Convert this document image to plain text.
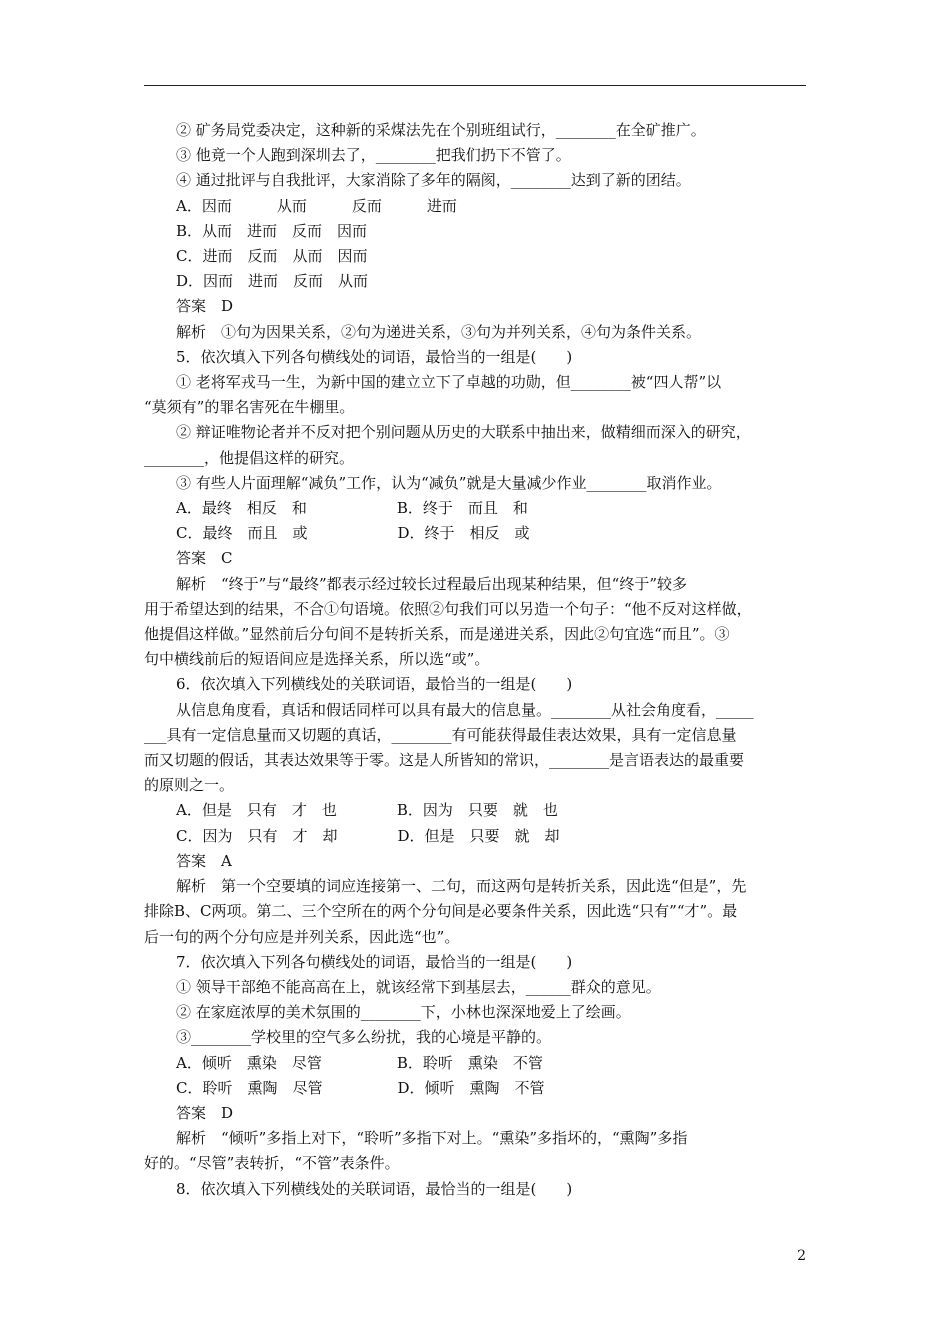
② 矿务局党委决定，这种新的采煤法先在个别班组试行，________在全矿推广。
③ 他竟一个人跑到深圳去了，________把我们扔下不管了。
④ 通过批评与自我批评，大家消除了多年的隔阂，________达到了新的团结。
A．因而　　　从而　　　反而　　　进而
B．从而　进而　反而　因而
C．进而　反而　从而　因而
D．因而　进而　反而　从而
答案　D
解析　①句为因果关系，②句为递进关系，③句为并列关系，④句为条件关系。
5．依次填入下列各句横线处的词语，最恰当的一组是(　　)
① 老将军戎马一生，为新中国的建立立下了卓越的功勋，但________被“四人帮”以
“莫须有”的罪名害死在牛棚里。
② 辩证唯物论者并不反对把个别问题从历史的大联系中抽出来，做精细而深入的研究，
________，他提倡这样的研究。
③ 有些人片面理解“减负”工作，认为“减负”就是大量减少作业________取消作业。
A．最终　相反　和　　　　　　B．终于　而且　和
C．最终　而且　或　　　　　　D．终于　相反　或
答案　C
解析　“终于”与“最终”都表示经过较长过程最后出现某种结果，但“终于”较多
用于希望达到的结果，不合①句语境。依照②句我们可以另造一个句子：“他不反对这样做，
他提倡这样做。”显然前后分句间不是转折关系，而是递进关系，因此②句宜选“而且”。③
句中横线前后的短语间应是选择关系，所以选“或”。
6．依次填入下列横线处的关联词语，最恰当的一组是(　　)
从信息角度看，真话和假话同样可以具有最大的信息量。________从社会角度看，_____
___具有一定信息量而又切题的真话，________有可能获得最佳表达效果，具有一定信息量
而又切题的假话，其表达效果等于零。这是人所皆知的常识，________是言语表达的最重要
的原则之一。
A．但是　只有　才　也　　　　B．因为　只要　就　也
C．因为　只有　才　却　　　　D．但是　只要　就　却
答案　A
解析　第一个空要填的词应连接第一、二句，而这两句是转折关系，因此选“但是”，先
排除B、C两项。第二、三个空所在的两个分句间是必要条件关系，因此选“只有”“才”。最
后一句的两个分句应是并列关系，因此选“也”。
7．依次填入下列各句横线处的词语，最恰当的一组是(　　)
① 领导干部绝不能高高在上，就该经常下到基层去，______群众的意见。
② 在家庭浓厚的美术氛围的________下，小林也深深地爱上了绘画。
③________学校里的空气多么纷扰，我的心境是平静的。
A．倾听　熏染　尽管　　　　　B．聆听　熏染　不管
C．聆听　熏陶　尽管　　　　　D．倾听　熏陶　不管
答案　D
解析　“倾听”多指上对下，“聆听”多指下对上。“熏染”多指坏的，“熏陶”多指
好的。“尽管”表转折，“不管”表条件。
8．依次填入下列横线处的关联词语，最恰当的一组是(　　)
2
